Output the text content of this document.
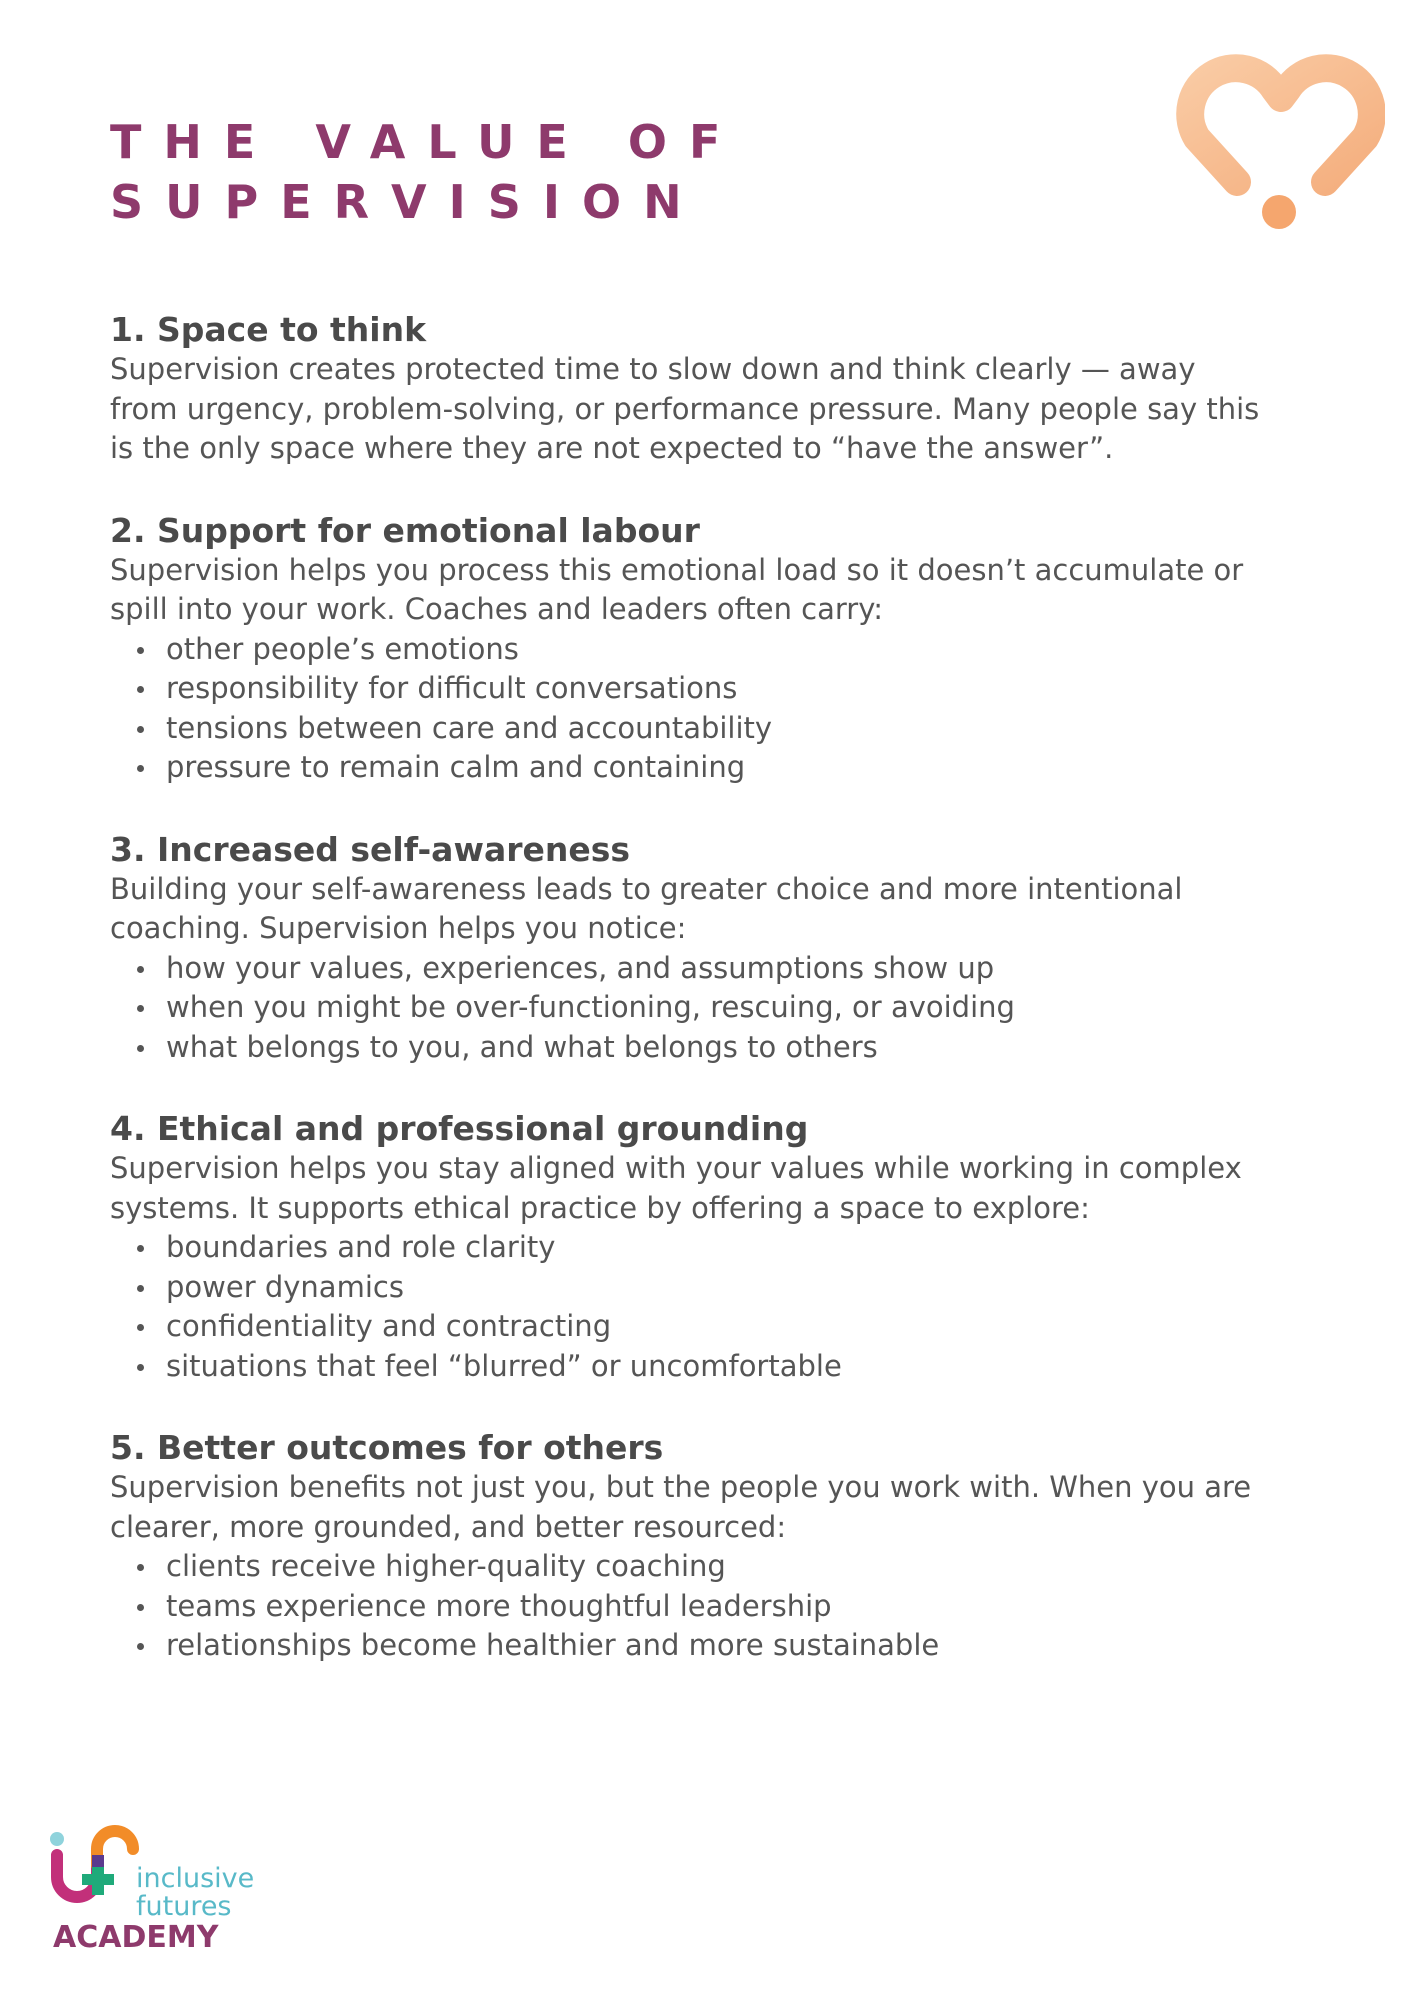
THE VALUE OF
SUPERVISION
1. Space to think

Supervision creates protected time to slow down and think clearly — away from urgency, problem-solving, or performance pressure. Many people say this is the only space where they are not expected to “have the answer”.

2. Support for emotional labour

Supervision helps you process this emotional load so it doesn’t accumulate or spill into your work. Coaches and leaders often carry:

other people’s emotions
responsibility for difficult conversations
tensions between care and accountability
pressure to remain calm and containing
3. Increased self-awareness

Building your self-awareness leads to greater choice and more intentional coaching. Supervision helps you notice:

how your values, experiences, and assumptions show up
when you might be over-functioning, rescuing, or avoiding
what belongs to you, and what belongs to others
4. Ethical and professional grounding

Supervision helps you stay aligned with your values while working in complex systems. It supports ethical practice by offering a space to explore:

boundaries and role clarity
power dynamics
confidentiality and contracting
situations that feel “blurred” or uncomfortable
5. Better outcomes for others

Supervision benefits not just you, but the people you work with. When you are clearer, more grounded, and better resourced:

clients receive higher-quality coaching
teams experience more thoughtful leadership
relationships become healthier and more sustainable
inclusive
futures
ACADEMY
